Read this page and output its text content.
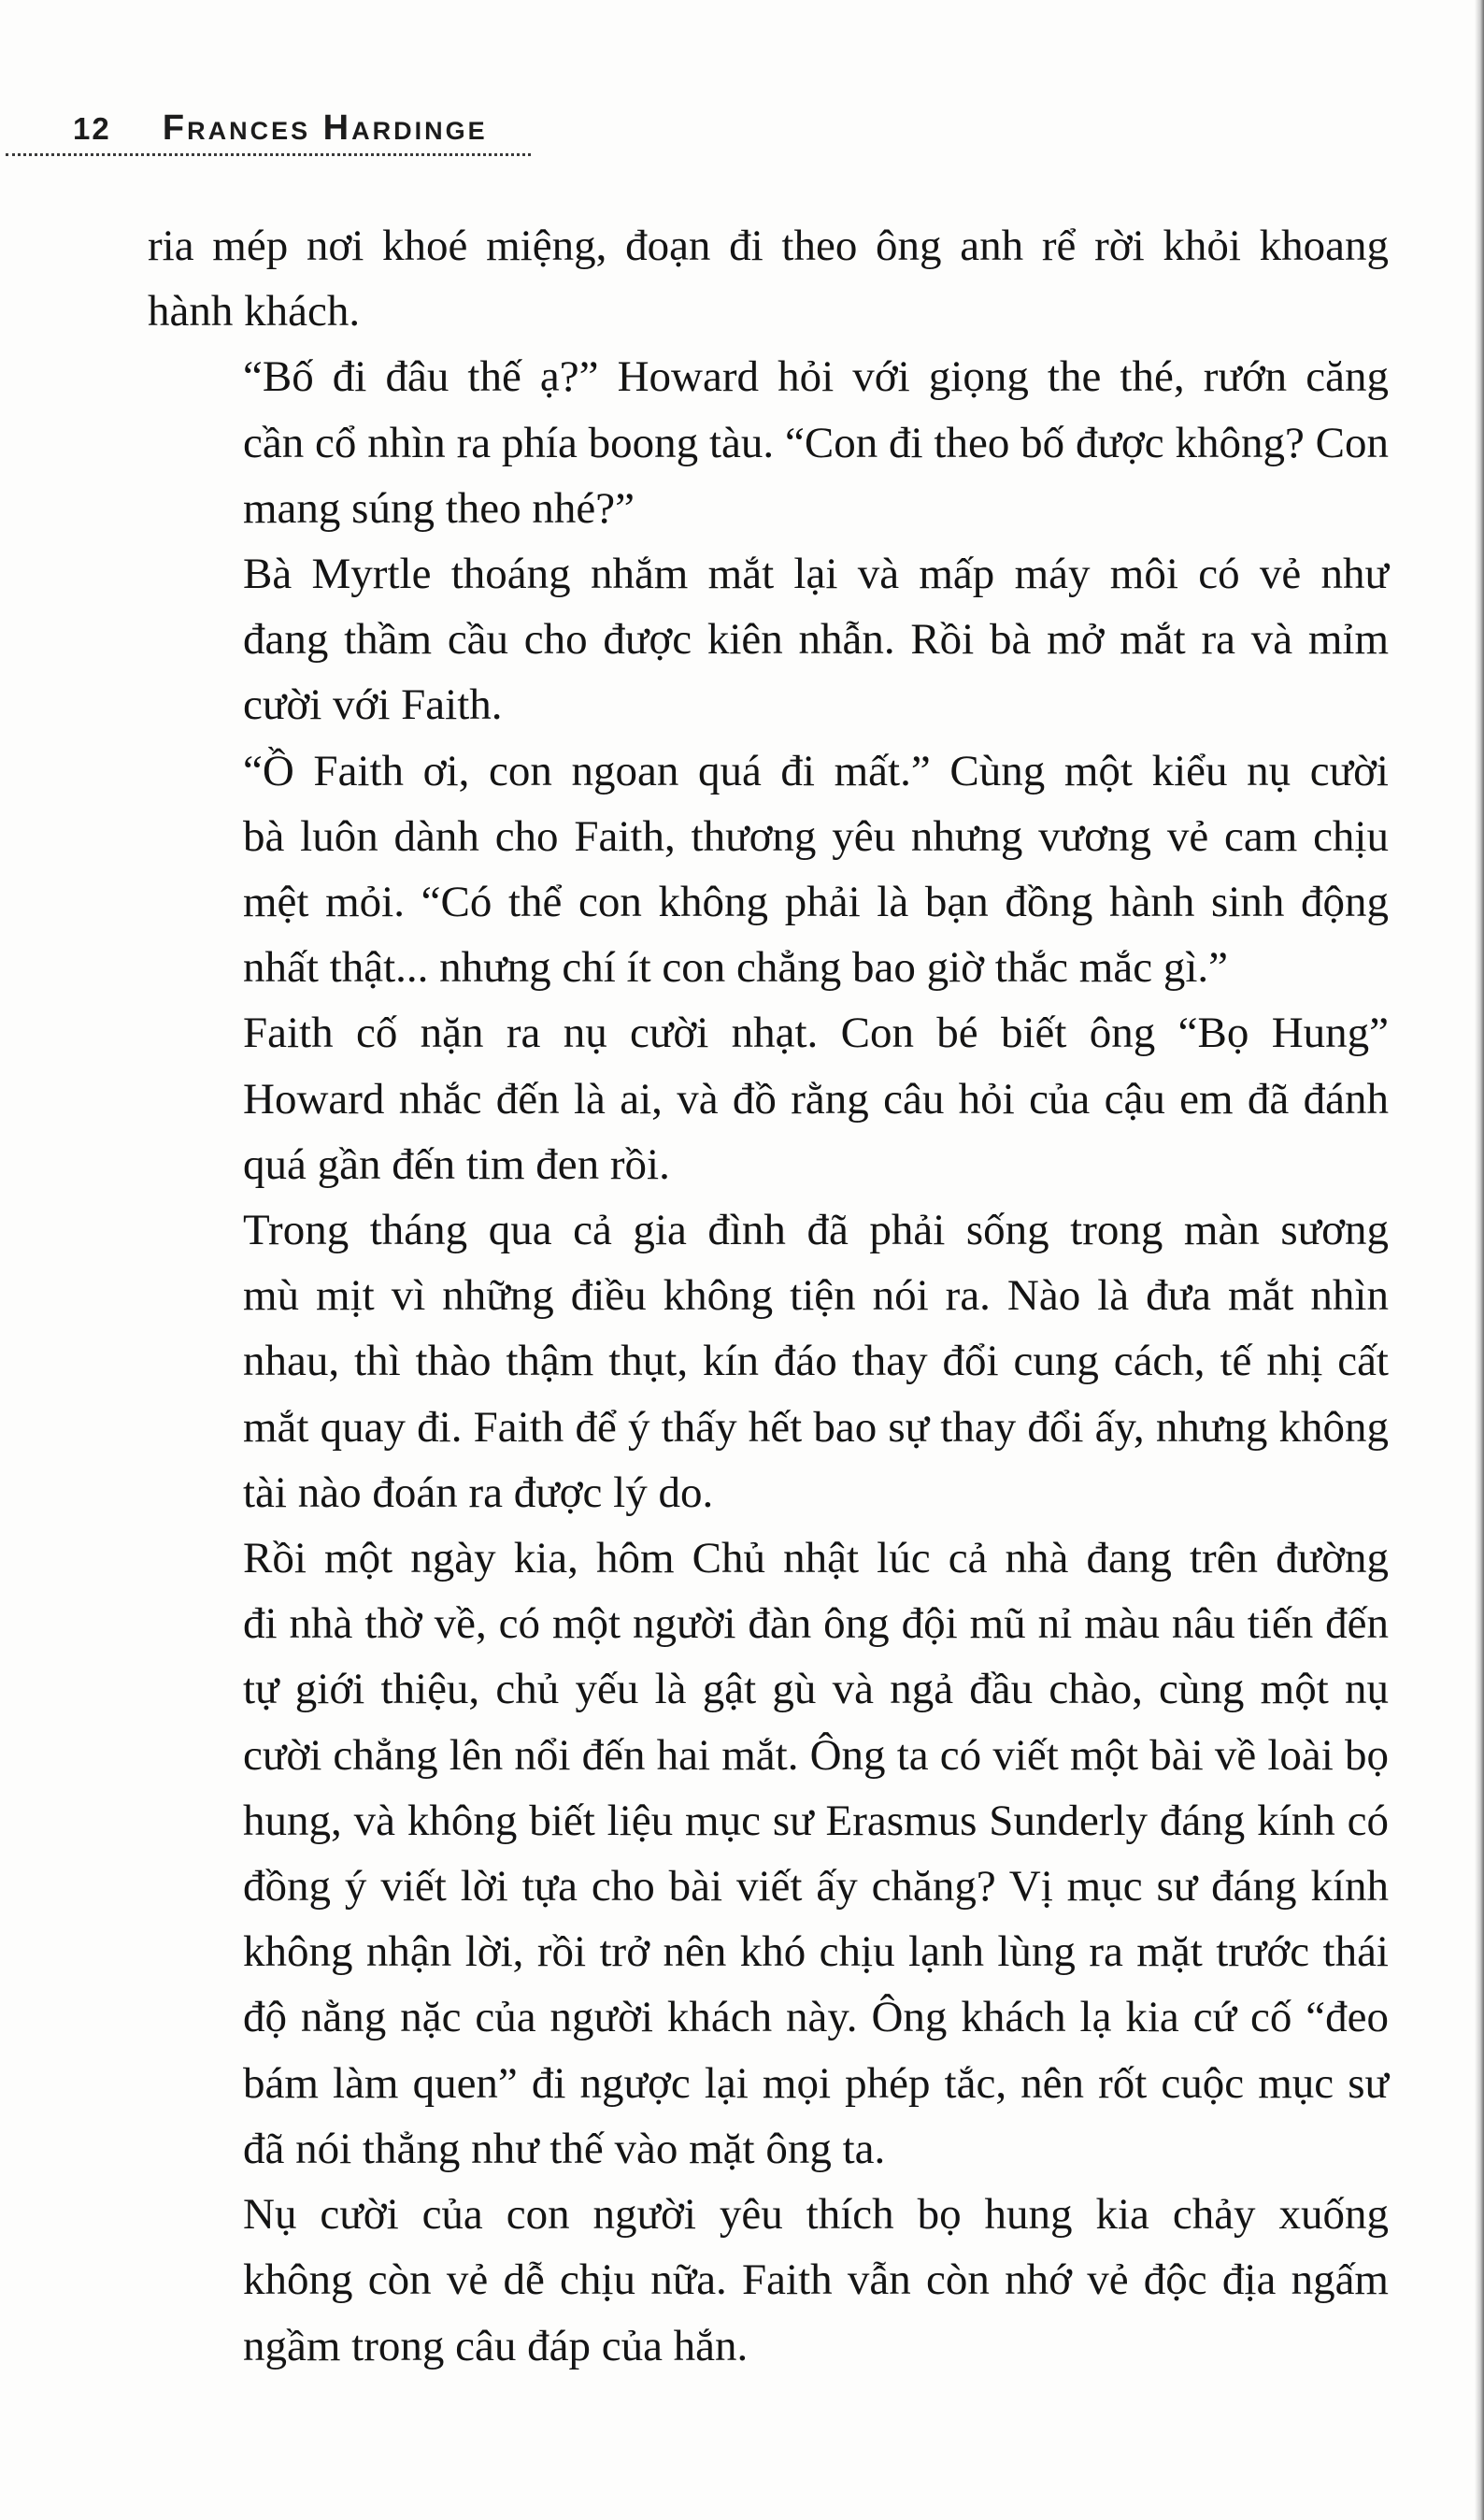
12 Frances Hardinge

ria mép nơi khoé miệng, đoạn đi theo ông anh rể rời khỏi khoang
hành khách.

“Bố đi đâu thế ạ?” Howard hỏi với giọng the thé, rướn căng
cần cổ nhìn ra phía boong tàu. “Con đi theo bố được không? Con
mang súng theo nhé?”

Bà Myrtle thoáng nhắm mắt lại và mấp máy môi có vẻ như
đang thầm cầu cho được kiên nhẫn. Rồi bà mở mắt ra và mỉm
cười với Faith.

“Ồ Faith ơi, con ngoan quá đi mất.” Cùng một kiểu nụ cười
bà luôn dành cho Faith, thương yêu nhưng vương vẻ cam chịu
mệt mỏi. “Có thể con không phải là bạn đồng hành sinh động
nhất thật... nhưng chí ít con chẳng bao giờ thắc mắc gì.”

Faith cố nặn ra nụ cười nhạt. Con bé biết ông “Bọ Hung”
Howard nhắc đến là ai, và đồ rằng câu hỏi của cậu em đã đánh
quá gần đến tim đen rồi.

Trong tháng qua cả gia đình đã phải sống trong màn sương
mù mịt vì những điều không tiện nói ra. Nào là đưa mắt nhìn
nhau, thì thào thậm thụt, kín đáo thay đổi cung cách, tế nhị cất
mắt quay đi. Faith để ý thấy hết bao sự thay đổi ấy, nhưng không
tài nào đoán ra được lý do.

Rồi một ngày kia, hôm Chủ nhật lúc cả nhà đang trên đường
đi nhà thờ về, có một người đàn ông đội mũ nỉ màu nâu tiến đến
tự giới thiệu, chủ yếu là gật gù và ngả đầu chào, cùng một nụ
cười chẳng lên nổi đến hai mắt. Ông ta có viết một bài về loài bọ
hung, và không biết liệu mục sư Erasmus Sunderly đáng kính có
đồng ý viết lời tựa cho bài viết ấy chăng? Vị mục sư đáng kính
không nhận lời, rồi trở nên khó chịu lạnh lùng ra mặt trước thái
độ nằng nặc của người khách này. Ông khách lạ kia cứ cố “đeo
bám làm quen” đi ngược lại mọi phép tắc, nên rốt cuộc mục sư
đã nói thẳng như thế vào mặt ông ta.

Nụ cười của con người yêu thích bọ hung kia chảy xuống
không còn vẻ dễ chịu nữa. Faith vẫn còn nhớ vẻ độc địa ngấm
ngầm trong câu đáp của hắn.
